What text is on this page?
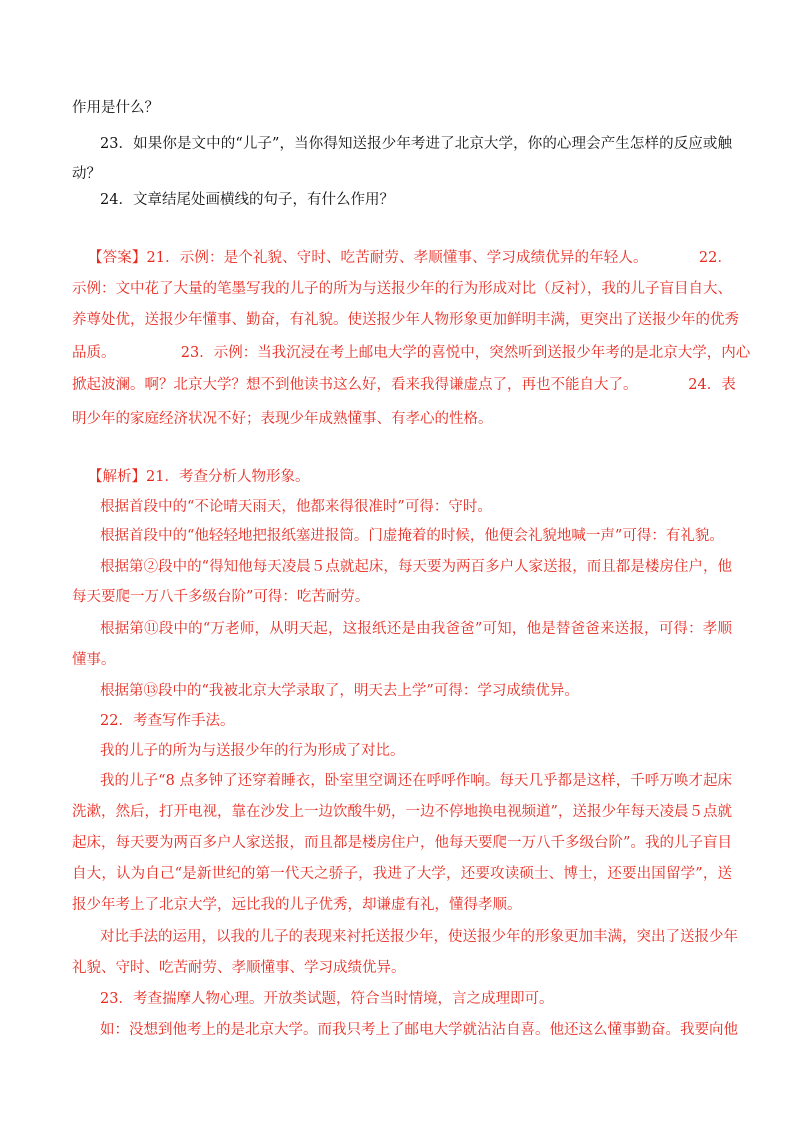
作用是什么？
23．如果你是文中的“儿子”，当你得知送报少年考进了北京大学，你的心理会产生怎样的反应或触
动？
24．文章结尾处画横线的句子，有什么作用？
【答案】21．示例：是个礼貌、守时、吃苦耐劳、孝顺懂事、学习成绩优异的年轻人。　　　　22．
示例：文中花了大量的笔墨写我的儿子的所为与送报少年的行为形成对比（反衬），我的儿子盲目自大、
养尊处优，送报少年懂事、勤奋，有礼貌。使送报少年人物形象更加鲜明丰满，更突出了送报少年的优秀
品质。　　　　　23．示例：当我沉浸在考上邮电大学的喜悦中，突然听到送报少年考的是北京大学，内心
掀起波澜。啊？北京大学？想不到他读书这么好，看来我得谦虚点了，再也不能自大了。　　　　24．表
明少年的家庭经济状况不好；表现少年成熟懂事、有孝心的性格。
【解析】21．考查分析人物形象。
根据首段中的“不论晴天雨天，他都来得很准时”可得：守时。
根据首段中的“他轻轻地把报纸塞进报筒。门虚掩着的时候，他便会礼貌地喊一声”可得：有礼貌。
根据第②段中的“得知他每天凌晨５点就起床，每天要为两百多户人家送报，而且都是楼房住户，他
每天要爬一万八千多级台阶”可得：吃苦耐劳。
根据第⑪段中的“万老师，从明天起，这报纸还是由我爸爸”可知，他是替爸爸来送报，可得：孝顺
懂事。
根据第⑬段中的“我被北京大学录取了，明天去上学”可得：学习成绩优异。
22．考查写作手法。
我的儿子的所为与送报少年的行为形成了对比。
我的儿子“8 点多钟了还穿着睡衣，卧室里空调还在呼呼作响。每天几乎都是这样，千呼万唤才起床
洗漱，然后，打开电视，靠在沙发上一边饮酸牛奶，一边不停地换电视频道”，送报少年每天凌晨５点就
起床，每天要为两百多户人家送报，而且都是楼房住户，他每天要爬一万八千多级台阶”。我的儿子盲目
自大，认为自己“是新世纪的第一代天之骄子，我进了大学，还要攻读硕士、博士，还要出国留学”，送
报少年考上了北京大学，远比我的儿子优秀，却谦虚有礼，懂得孝顺。
对比手法的运用，以我的儿子的表现来衬托送报少年，使送报少年的形象更加丰满，突出了送报少年
礼貌、守时、吃苦耐劳、孝顺懂事、学习成绩优异。
23．考查揣摩人物心理。开放类试题，符合当时情境，言之成理即可。
如：没想到他考上的是北京大学。而我只考上了邮电大学就沾沾自喜。他还这么懂事勤奋。我要向他
